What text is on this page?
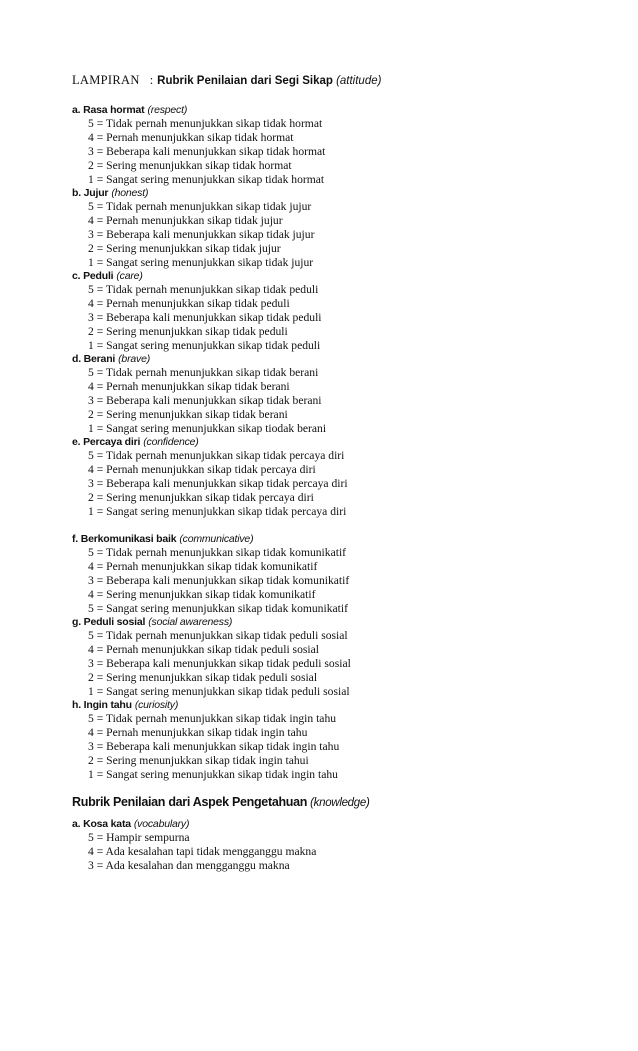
LAMPIRAN : Rubrik Penilaian dari Segi Sikap (attitude)
a. Rasa hormat (respect)
5 = Tidak pernah menunjukkan sikap tidak hormat
4 = Pernah menunjukkan sikap tidak hormat
3 = Beberapa kali menunjukkan sikap tidak hormat
2 = Sering menunjukkan sikap tidak hormat
1 = Sangat sering menunjukkan sikap tidak hormat
b. Jujur (honest)
5 = Tidak pernah menunjukkan sikap tidak jujur
4 = Pernah menunjukkan sikap tidak jujur
3 = Beberapa kali menunjukkan sikap tidak jujur
2 = Sering menunjukkan sikap tidak jujur
1 = Sangat sering menunjukkan sikap tidak jujur
c. Peduli (care)
5 = Tidak pernah menunjukkan sikap tidak peduli
4 = Pernah menunjukkan sikap tidak peduli
3 = Beberapa kali menunjukkan sikap tidak peduli
2 = Sering menunjukkan sikap tidak peduli
1 = Sangat sering menunjukkan sikap tidak peduli
d. Berani (brave)
5 = Tidak pernah menunjukkan sikap tidak berani
4 = Pernah menunjukkan sikap tidak berani
3 = Beberapa kali menunjukkan sikap tidak berani
2 = Sering menunjukkan sikap tidak berani
1 = Sangat sering menunjukkan sikap tiodak berani
e. Percaya diri (confidence)
5 = Tidak pernah menunjukkan sikap tidak percaya diri
4 = Pernah menunjukkan sikap tidak percaya diri
3 = Beberapa kali menunjukkan sikap tidak percaya diri
2 = Sering menunjukkan sikap tidak percaya diri
1 = Sangat sering menunjukkan sikap tidak percaya diri
f. Berkomunikasi baik (communicative)
5 = Tidak pernah menunjukkan sikap tidak komunikatif
4 = Pernah menunjukkan sikap tidak komunikatif
3 = Beberapa kali menunjukkan sikap tidak komunikatif
4 = Sering menunjukkan sikap tidak komunikatif
5 = Sangat sering menunjukkan sikap tidak komunikatif
g. Peduli sosial (social awareness)
5 = Tidak pernah menunjukkan sikap tidak peduli sosial
4 = Pernah menunjukkan sikap tidak peduli sosial
3 = Beberapa kali menunjukkan sikap tidak peduli sosial
2 = Sering menunjukkan sikap tidak peduli sosial
1 = Sangat sering menunjukkan sikap tidak peduli sosial
h. Ingin tahu (curiosity)
5 = Tidak pernah menunjukkan sikap tidak ingin tahu
4 = Pernah menunjukkan sikap tidak ingin tahu
3 = Beberapa kali menunjukkan sikap tidak ingin tahu
2 = Sering menunjukkan sikap tidak ingin tahui
1 = Sangat sering menunjukkan sikap tidak ingin tahu
Rubrik Penilaian dari Aspek Pengetahuan (knowledge)
a. Kosa kata (vocabulary)
5 = Hampir sempurna
4 = Ada kesalahan tapi tidak mengganggu makna
3 = Ada kesalahan dan mengganggu makna
